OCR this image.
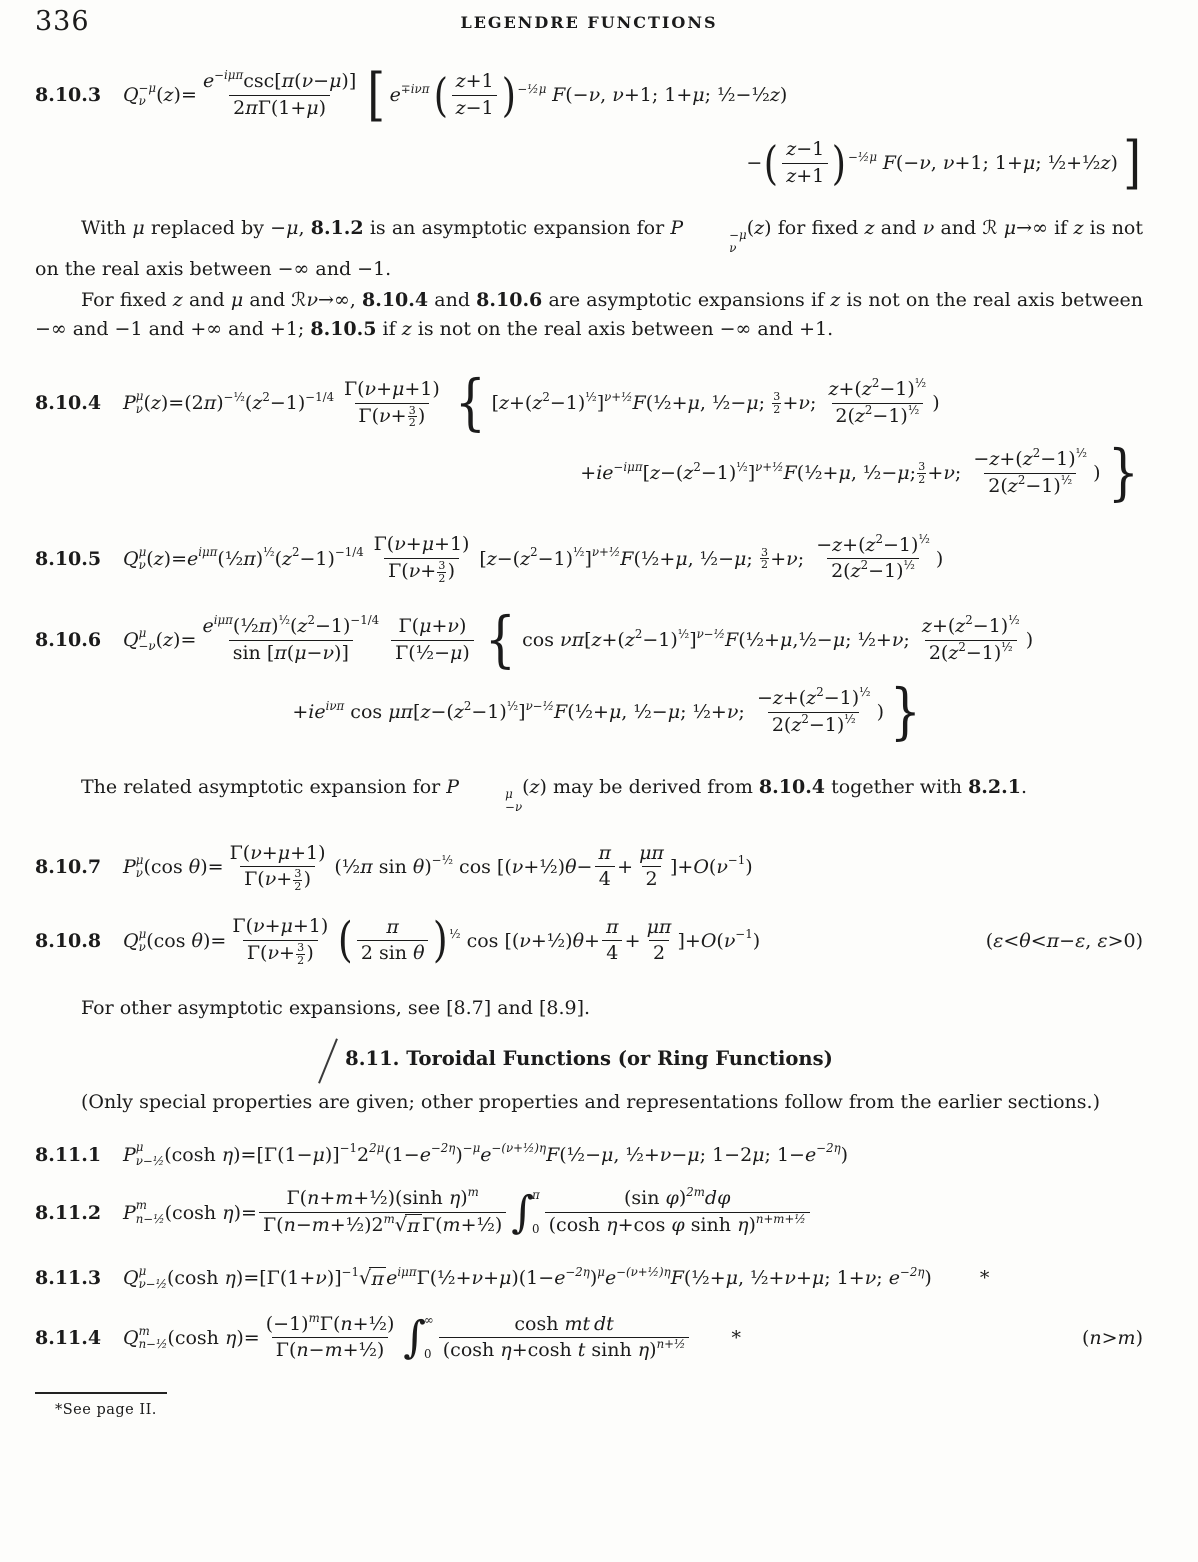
336	LEGENDRE FUNCTIONS
8.10.3	Q −μ
ν ( z )=
e −iμπ csc[ π ( ν − μ )]
2 π Γ(1+ μ ) [ e ∓iνπ ( z +1
z −1 ) −½μ F (− ν , ν +1; 1+ μ ; ½−½ z )
− ( z −1
z +1 ) −½μ F (− ν , ν +1; 1+ μ ; ½+½ z ) ]

With μ replaced by −μ, 8.1.2 is an asymptotic expansion for P	−μ
ν
(z) for fixed z and ν and ℛ μ→∞ if z is not on the real axis between −∞ and −1.

For fixed z and μ and ℛν→∞, 8.10.4 and 8.10.6 are asymptotic expansions if z is not on the real axis between −∞ and −1 and +∞ and +1; 8.10.5 if z is not on the real axis between −∞ and +1.

8.10.4	P μ
ν ( z )=(2 π ) −½ ( z 2 −1) −1/4 Γ( ν + μ +1)
Γ( $\nu + \frac{3}{2}$ ) { [ z +( z 2 −1) ½ ] ν+½ F (½+ μ , ½− μ ; 3
2 + ν ;
z +( z 2 −1) ½
2( z 2 −1) ½ )
+ ie −iμπ [ z −( z 2 −1) ½ ] ν+½ F (½+ μ , ½− μ ; 3
2 + ν ;
− z +( z 2 −1) ½
2( z 2 −1) ½ ) }
8.10.5	Q μ
ν ( z )= e iμπ (½ π ) ½ ( z 2 −1) −1/4 Γ( ν + μ +1)
Γ( $\nu + \frac{3}{2}$ )
[ z −( z 2 −1) ½ ] ν+½ F (½+ μ , ½− μ ; 3
2 + ν ;
− z +( z 2 −1) ½
2( z 2 −1) ½ )
8.10.6	Q μ
−ν ( z )=
e iμπ (½ π ) ½ ( z 2 −1) −1/4
sin [ π ( μ − ν )]
Γ( μ + ν )
Γ(½− μ ) { cos νπ [ z +( z 2 −1) ½ ] ν−½ F (½+ μ ,½− μ ; ½+ ν ;
z +( z 2 −1) ½
2( z 2 −1) ½ )
+ ie iνπ cos μπ [ z −( z 2 −1) ½ ] ν−½ F (½+ μ , ½− μ ; ½+ ν ;
− z +( z 2 −1) ½
2( z 2 −1) ½ ) }

The related asymptotic expansion for P	μ
−ν
(z) may be derived from 8.10.4 together with 8.2.1.

8.10.7	P μ
ν (cos θ )= $\frac{\Gamma( \nu + \mu +1)}{\Gamma( \nu + \frac{3}{2} )}$ (½ π sin θ ) −½ cos [( ν +½) $\theta - \frac{\pi}{4} + \frac{\mu\pi}{2}$ ]+ O ( ν −1 )
8.10.8	Q μ
ν (cos θ )= $\frac{\Gamma( \nu + \mu +1)}{\Gamma( \nu + \frac{3}{2} )}$ ( π
2 sin θ ) ½ cos [( ν +½) $\theta + \frac{\pi}{4} + \frac{\mu\pi}{2}$ ]+ O ( ν −1 )	( ε < θ < π − ε , ε >0)

For other asymptotic expansions, see [8.7] and [8.9].

8.11. Toroidal Functions (or Ring Functions)

(Only special properties are given; other properties and representations follow from the earlier sections.)

8.11.1	P μ
ν−½ (cosh η )=[Γ(1− μ )] −1 2 2μ (1− e −2η ) −μ e −(ν+½)η F (½− μ , ½+ ν − μ ; 1−2 μ ; 1− e −2η )
8.11.2	P m
n−½ (cosh η )= $\frac{\text{Γ( n + m +½)(sinh η ) m}}{\text{Γ( n − m +½)2 m √ π Γ( m +½)}}$ ∫
π
0
(sin φ ) 2m dφ
(cosh η +cos φ sinh η ) n+m+½
8.11.3	Q μ
ν−½ (cosh η )=[Γ(1+ ν )] −1 √ π e iμπ Γ(½+ ν + μ )(1− e −2η ) μ e −(ν+½)η F (½+ μ , ½+ ν + μ ; 1+ ν ; e −2η )	*
8.11.4	Q m
n−½ (cosh η )= $\frac{\text{(−1) m Γ( n +½)}}{\text{Γ( n − m +½)}}$ ∫
∞
0
cosh mt dt
(cosh η +cosh t sinh η ) n+½ *	( n > m )

*See page II.
